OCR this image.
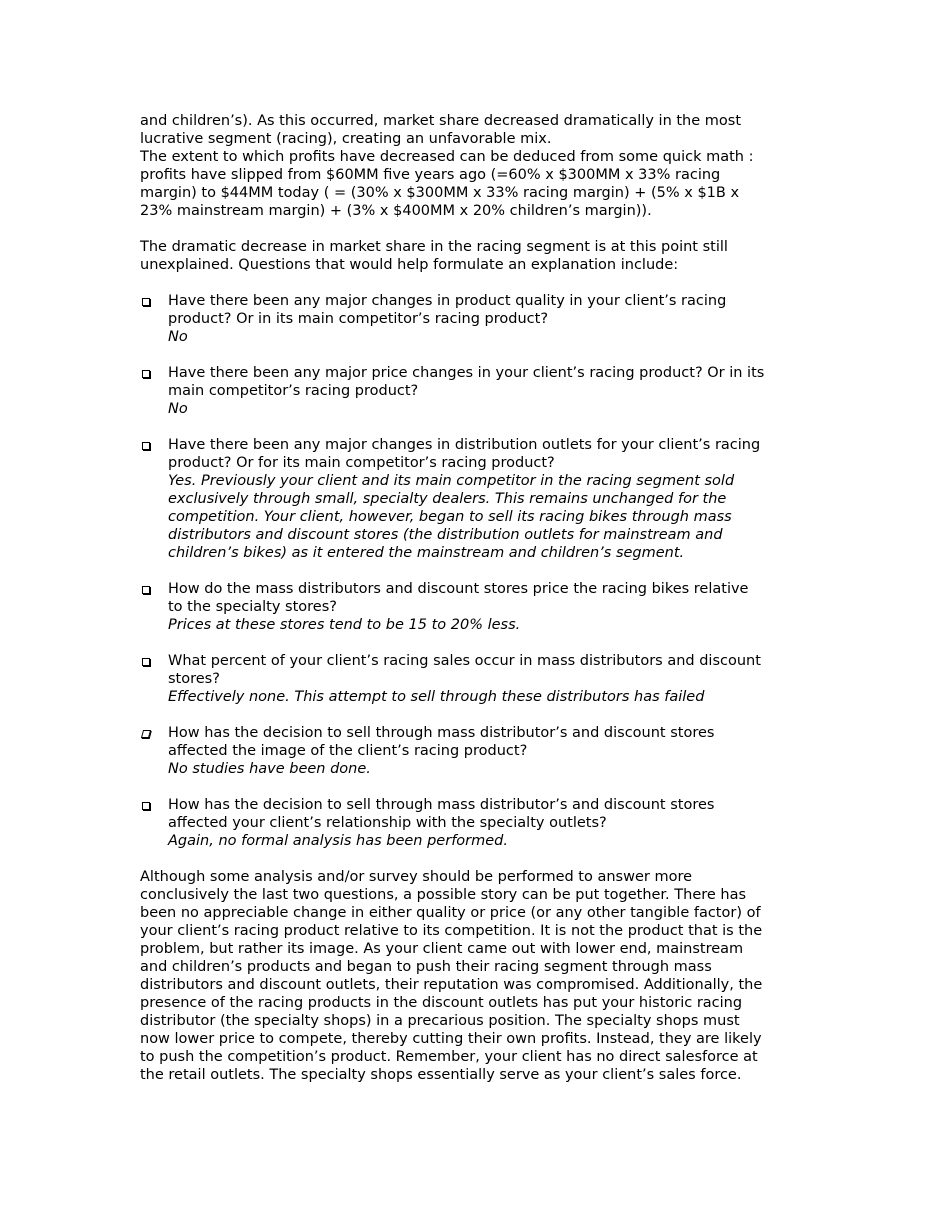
and children’s). As this occurred, market share decreased dramatically in the most
lucrative segment (racing), creating an unfavorable mix.
The extent to which profits have decreased can be deduced from some quick math :
profits have slipped from $60MM five years ago (=60% x $300MM x 33% racing
margin) to $44MM today ( = (30% x $300MM x 33% racing margin) + (5% x $1B x
23% mainstream margin) + (3% x $400MM x 20% children’s margin)).
The dramatic decrease in market share in the racing segment is at this point still
unexplained. Questions that would help formulate an explanation include:
Have there been any major changes in product quality in your client’s racing
product? Or in its main competitor’s racing product?
No
Have there been any major price changes in your client’s racing product? Or in its
main competitor’s racing product?
No
Have there been any major changes in distribution outlets for your client’s racing
product? Or for its main competitor’s racing product?
Yes. Previously your client and its main competitor in the racing segment sold
exclusively through small, specialty dealers. This remains unchanged for the
competition. Your client, however, began to sell its racing bikes through mass
distributors and discount stores (the distribution outlets for mainstream and
children’s bikes) as it entered the mainstream and children’s segment.
How do the mass distributors and discount stores price the racing bikes relative
to the specialty stores?
Prices at these stores tend to be 15 to 20% less.
What percent of your client’s racing sales occur in mass distributors and discount
stores?
Effectively none. This attempt to sell through these distributors has failed
How has the decision to sell through mass distributor’s and discount stores
affected the image of the client’s racing product?
No studies have been done.
How has the decision to sell through mass distributor’s and discount stores
affected your client’s relationship with the specialty outlets?
Again, no formal analysis has been performed.
Although some analysis and/or survey should be performed to answer more
conclusively the last two questions, a possible story can be put together. There has
been no appreciable change in either quality or price (or any other tangible factor) of
your client’s racing product relative to its competition. It is not the product that is the
problem, but rather its image. As your client came out with lower end, mainstream
and children’s products and began to push their racing segment through mass
distributors and discount outlets, their reputation was compromised. Additionally, the
presence of the racing products in the discount outlets has put your historic racing
distributor (the specialty shops) in a precarious position. The specialty shops must
now lower price to compete, thereby cutting their own profits. Instead, they are likely
to push the competition’s product. Remember, your client has no direct salesforce at
the retail outlets. The specialty shops essentially serve as your client’s sales force.
